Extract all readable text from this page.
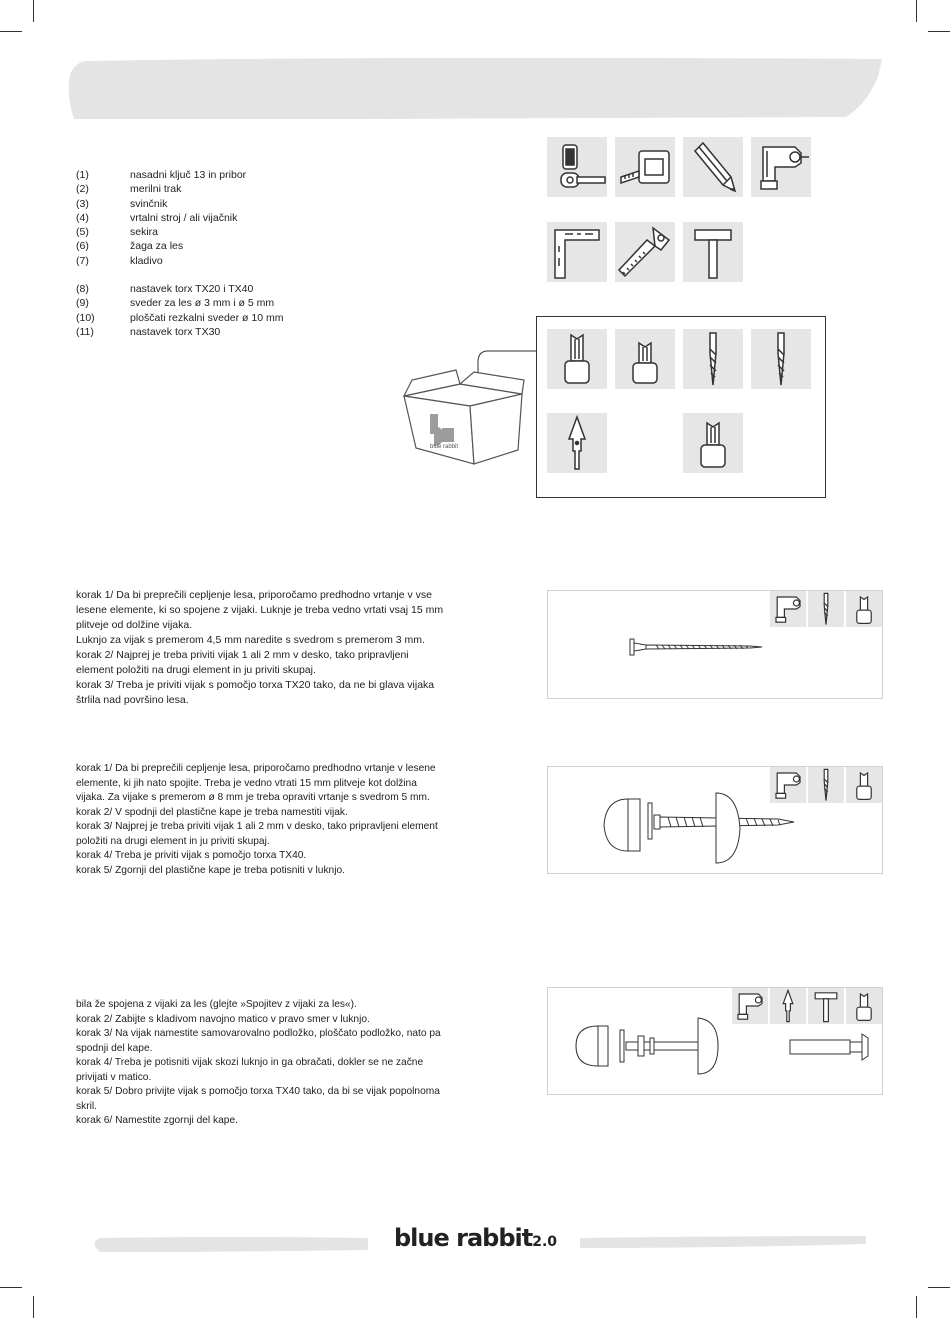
(1)	nasadni ključ 13 in pribor
(2)	merilni trak
(3)	svinčnik
(4)	vrtalni stroj / ali vijačnik
(5)	sekira
(6)	žaga za les
(7)	kladivo
(8)	nastavek torx TX20 i TX40
(9)	sveder za les ø 3 mm i ø 5 mm
(10)	ploščati rezkalni sveder ø 10 mm
(11)	nastavek torx TX30
blue rabbit

korak 1/ Da bi preprečili cepljenje lesa, priporočamo predhodno vrtanje v vse

lesene elemente, ki so spojene z vijaki. Luknje je treba vedno vrtati vsaj 15 mm

plitveje od dolžine vijaka.

Luknjo za vijak s premerom 4,5 mm naredite s svedrom s premerom 3 mm.

korak 2/ Najprej je treba priviti vijak 1 ali 2 mm v desko, tako pripravljeni

element položiti na drugi element in ju priviti skupaj.

korak 3/ Treba je priviti vijak s pomočjo torxa TX20 tako, da ne bi glava vijaka

štrlila nad površino lesa.

korak 1/ Da bi preprečili cepljenje lesa, priporočamo predhodno vrtanje v lesene

elemente, ki jih nato spojite. Treba je vedno vtrati 15 mm plitveje kot dolžina

vijaka. Za vijake s premerom ø 8 mm je treba opraviti vrtanje s svedrom 5 mm.

korak 2/ V spodnji del plastične kape je treba namestiti vijak.

korak 3/ Najprej je treba priviti vijak 1 ali 2 mm v desko, tako pripravljeni element

položiti na drugi element in ju priviti skupaj.

korak 4/ Treba je priviti vijak s pomočjo torxa TX40.

korak 5/ Zgornji del plastične kape je treba potisniti v luknjo.

bila že spojena z vijaki za les (glejte »Spojitev z vijaki za les«).

korak 2/ Zabijte s kladivom navojno matico v pravo smer v luknjo.

korak 3/ Na vijak namestite samovarovalno podložko, ploščato podložko, nato pa

spodnji del kape.

korak 4/ Treba je potisniti vijak skozi luknjo in ga obračati, dokler se ne začne

privijati v matico.

korak 5/ Dobro privijte vijak s pomočjo torxa TX40 tako, da bi se vijak popolnoma

skril.

korak 6/ Namestite zgornji del kape.

blue rabbit2.0
